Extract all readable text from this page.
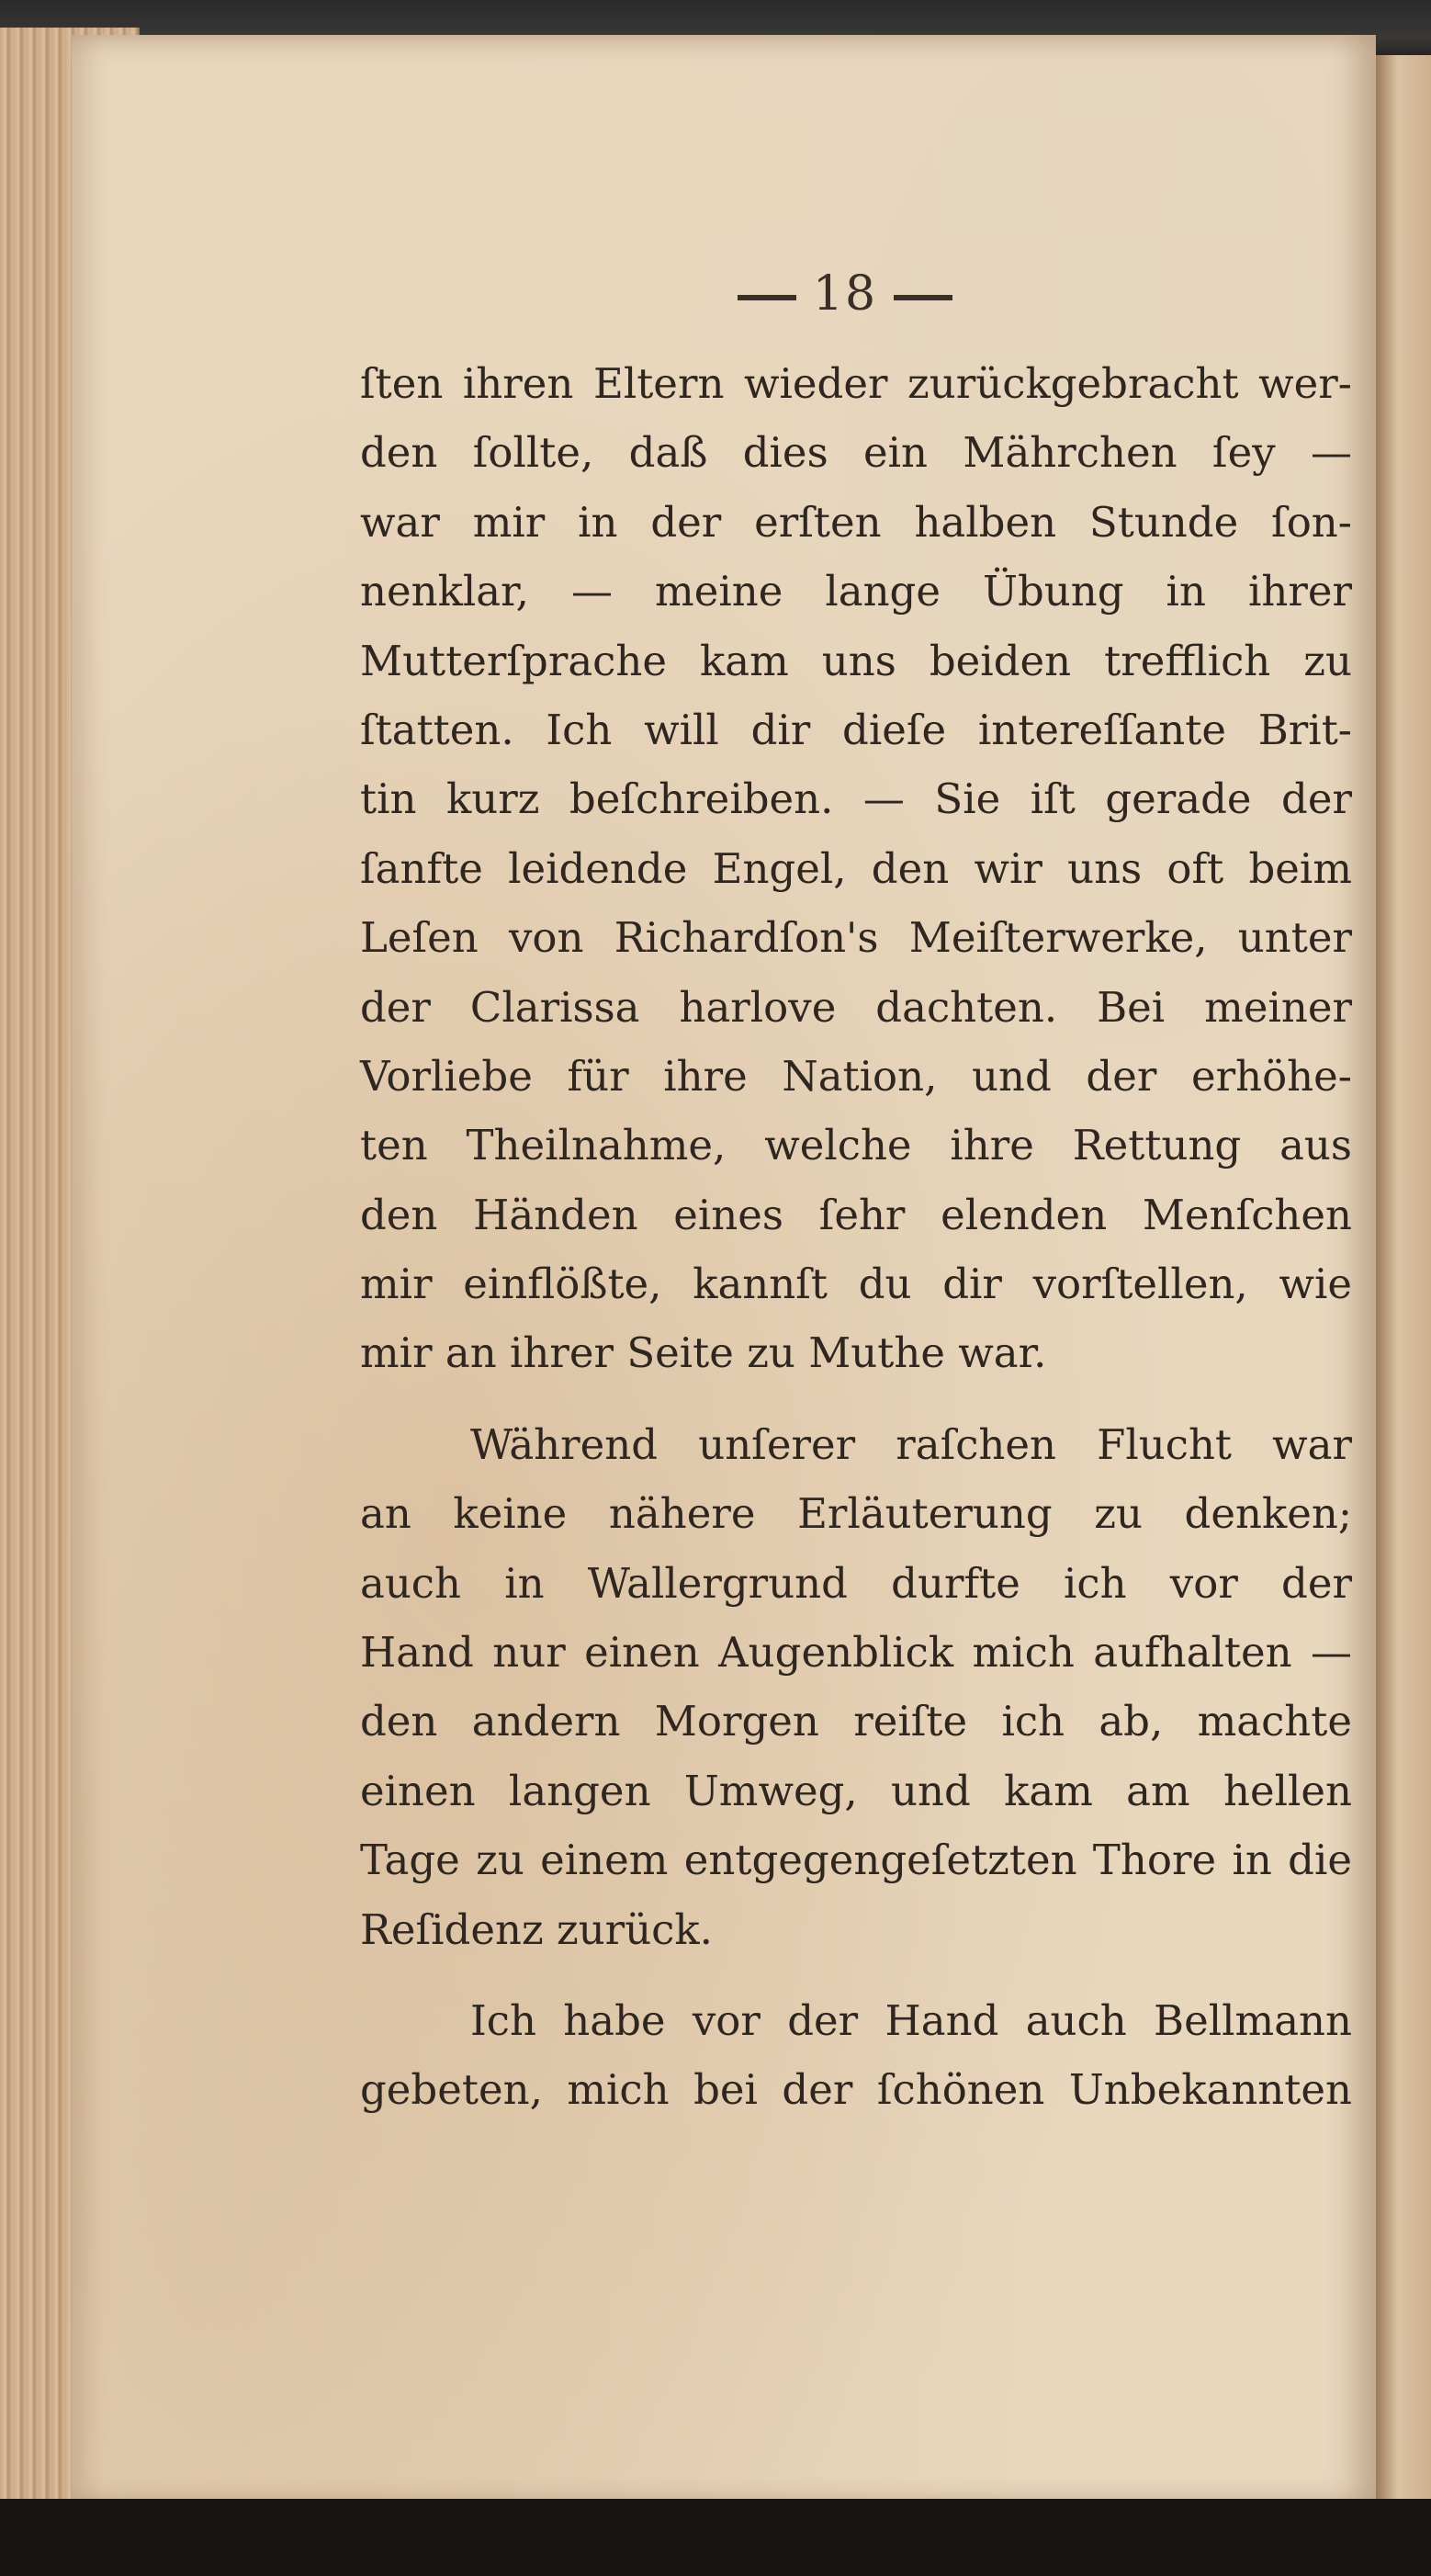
18

ſten ihren Eltern wieder zurückgebracht wer-
den ſollte, daß dies ein Mährchen ſey —
war mir in der erſten halben Stunde ſon-
nenklar, — meine lange Übung in ihrer
Mutterſprache kam uns beiden trefflich zu
ſtatten. Ich will dir dieſe intereſſante Brit-
tin kurz beſchreiben. — Sie iſt gerade der
ſanfte leidende Engel, den wir uns oft beim
Leſen von Richardſon's Meiſterwerke, unter
der Clarissa harlove dachten. Bei meiner
Vorliebe für ihre Nation, und der erhöhe-
ten Theilnahme, welche ihre Rettung aus
den Händen eines ſehr elenden Menſchen
mir einflößte, kannſt du dir vorſtellen, wie
mir an ihrer Seite zu Muthe war.

Während unſerer raſchen Flucht war
an keine nähere Erläuterung zu denken;
auch in Wallergrund durfte ich vor der
Hand nur einen Augenblick mich aufhalten —
den andern Morgen reiſte ich ab, machte
einen langen Umweg, und kam am hellen
Tage zu einem entgegengeſetzten Thore in die
Reſidenz zurück.

Ich habe vor der Hand auch Bellmann
gebeten, mich bei der ſchönen Unbekannten
